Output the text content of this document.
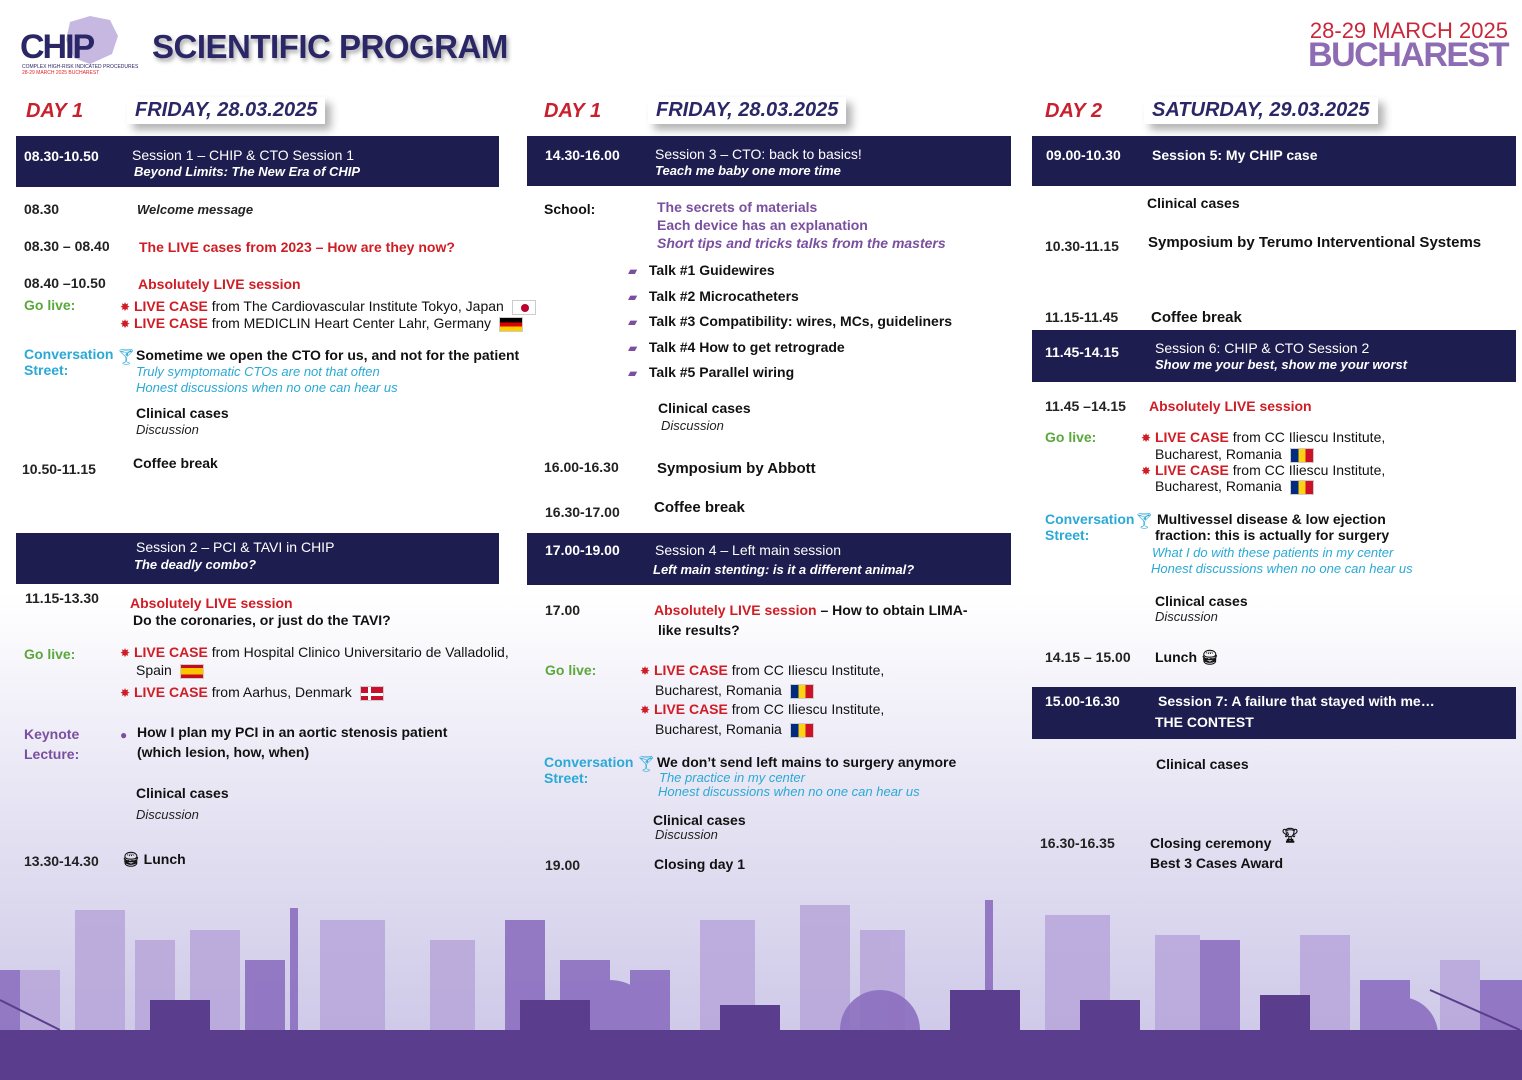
CHIP
COMPLEX HIGH-RISK INDICATED PROCEDURES
28-29 MARCH 2025 BUCHAREST
SCIENTIFIC PROGRAM	28-29 MARCH 2025
BUCHAREST
DAY 1	FRIDAY, 28.03.2025
08.30-10.50 Session 1 – CHIP & CTO Session 1
Beyond Limits: The New Era of CHIP
08.30	Welcome message
08.30 – 08.40 The LIVE cases from 2023 – How are they now?
08.40 –10.50 Absolutely LIVE session
Go live:	✸ LIVE CASE from The Cardiovascular Institute Tokyo, Japan
✸ LIVE CASE from MEDICLIN Heart Center Lahr, Germany
Conversation
Street:
🍸︎ Sometime we open the CTO for us, and not for the patient
Truly symptomatic CTOs are not that often
Honest discussions when no one can hear us
Clinical cases
Discussion
10.50-11.15	Coffee break
Session 2 – PCI & TAVI in CHIP
The deadly combo?
11.15-13.30 Absolutely LIVE session
Do the coronaries, or just do the TAVI?
Go live:	✸ LIVE CASE from Hospital Clinico Universitario de Valladolid,
Spain
✸ LIVE CASE from Aarhus, Denmark
Keynote
Lecture:
● How I plan my PCI in an aortic stenosis patient
(which lesion, how, when)
Clinical cases
Discussion
13.30-14.30 🍔︎ Lunch
DAY 1	FRIDAY, 28.03.2025
14.30-16.00	Session 3 – CTO: back to basics!
Teach me baby one more time
School:	The secrets of materials
Each device has an explanation
Short tips and tricks talks from the masters
▰ Talk #1 Guidewires
▰ Talk #2 Microcatheters
▰ Talk #3 Compatibility: wires, MCs, guideliners
▰ Talk #4 How to get retrograde
▰ Talk #5 Parallel wiring
Clinical cases
Discussion
16.00-16.30	Symposium by Abbott
16.30-17.00 Coffee break
17.00-19.00	Session 4 – Left main session
Left main stenting: is it a different animal?
17.00	Absolutely LIVE session – How to obtain LIMA-
like results?
Go live:	✸ LIVE CASE from CC Iliescu Institute,
Bucharest, Romania
✸ LIVE CASE from CC Iliescu Institute,
Bucharest, Romania
Conversation
Street:
🍸︎ We don’t send left mains to surgery anymore
The practice in my center
Honest discussions when no one can hear us
Clinical cases
Discussion
19.00	Closing day 1
DAY 2	SATURDAY, 29.03.2025
09.00-10.30 Session 5: My CHIP case
Clinical cases
10.30-11.15 Symposium by Terumo Interventional Systems
11.15-11.45 Coffee break
11.45-14.15	Session 6: CHIP & CTO Session 2
Show me your best, show me your worst
11.45 –14.15 Absolutely LIVE session
Go live:	✸ LIVE CASE from CC Iliescu Institute,
Bucharest, Romania
✸ LIVE CASE from CC Iliescu Institute,
Bucharest, Romania
Conversation
Street:
🍸︎ Multivessel disease & low ejection
fraction: this is actually for surgery
What I do with these patients in my center
Honest discussions when no one can hear us
Clinical cases
Discussion
14.15 – 15.00 Lunch 🍔︎
15.00-16.30	Session 7: A failure that stayed with me…
THE CONTEST
Clinical cases
16.30-16.35	Closing ceremony 🏆︎
Best 3 Cases Award
